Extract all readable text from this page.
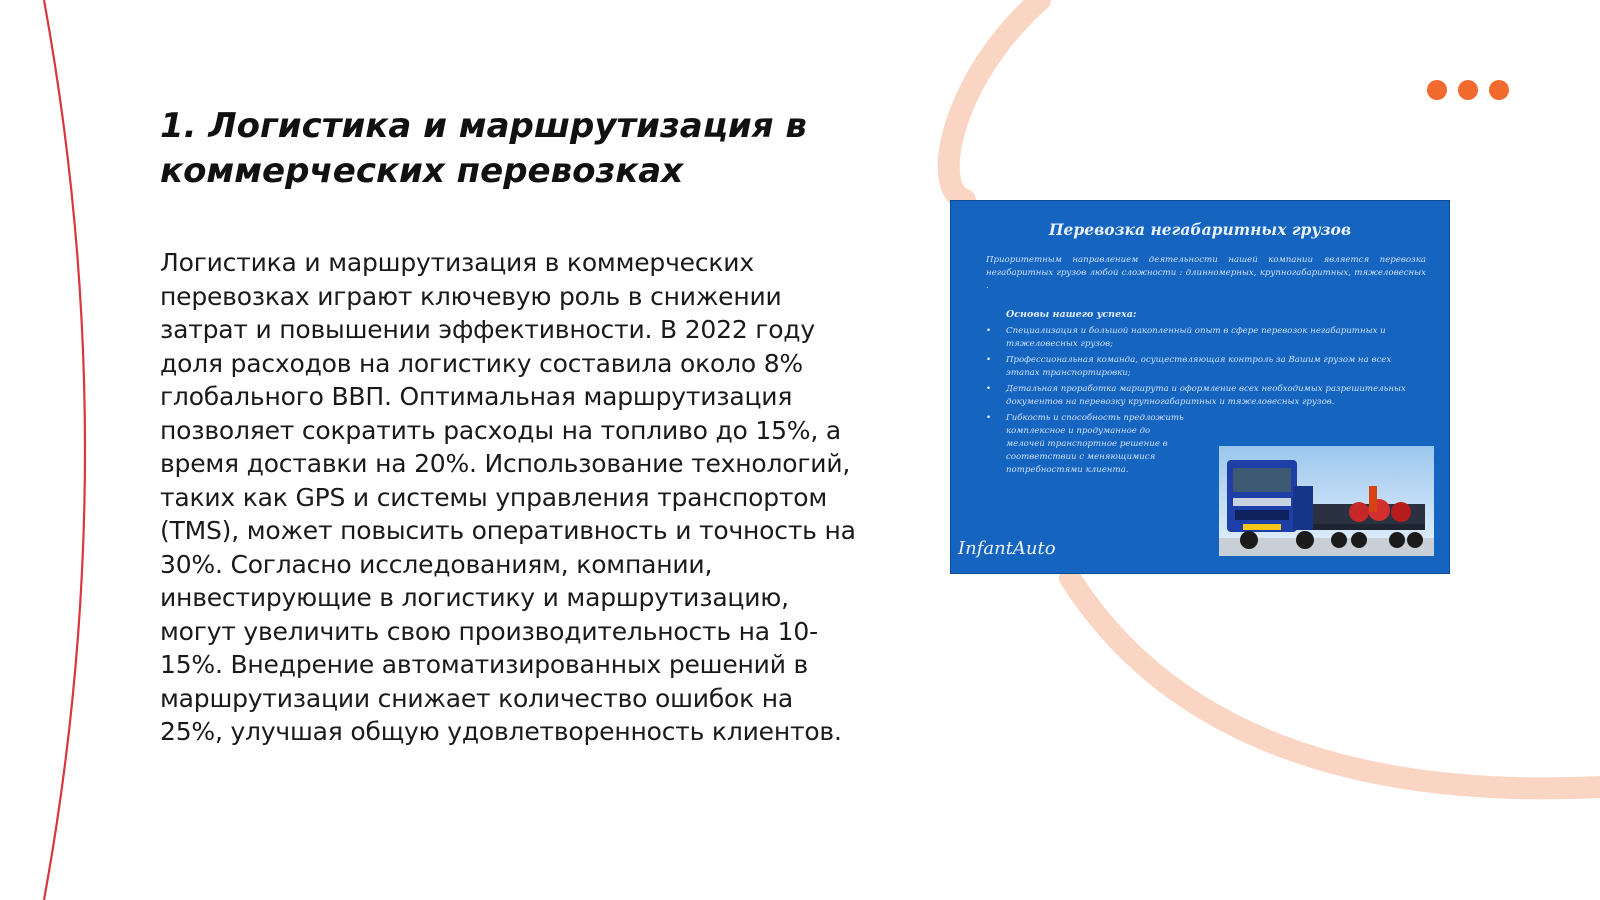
1. Логистика и маршрутизация в коммерческих перевозках

Логистика и маршрутизация в коммерческих перевозках играют ключевую роль в снижении затрат и повышении эффективности. В 2022 году доля расходов на логистику составила около 8% глобального ВВП. Оптимальная маршрутизация позволяет сократить расходы на топливо до 15%, а время доставки на 20%. Использование технологий, таких как GPS и системы управления транспортом (TMS), может повысить оперативность и точность на 30%. Согласно исследованиям, компании, инвестирующие в логистику и маршрутизацию, могут увеличить свою производительность на 10-15%. Внедрение автоматизированных решений в маршрутизации снижает количество ошибок на 25%, улучшая общую удовлетворенность клиентов.

Перевозка негабаритных грузов

Приоритетным направлением деятельности нашей компании является перевозка негабаритных грузов любой сложности : длинномерных, крупногабаритных, тяжеловесных .

Основы нашего успеха:
• Специализация и большой накопленный опыт в сфере перевозок негабаритных и тяжеловесных грузов;
• Профессиональная команда, осуществляющая контроль за Вашим грузом на всех этапах транспортировки;
• Детальная проработка маршрута и оформление всех необходимых разрешительных документов на перевозку крупногабаритных и тяжеловесных грузов.
• Гибкость и способность предложить комплексное и продуманное до мелочей транспортное решение в соответствии с меняющимися потребностями клиента.
InfantAuto
